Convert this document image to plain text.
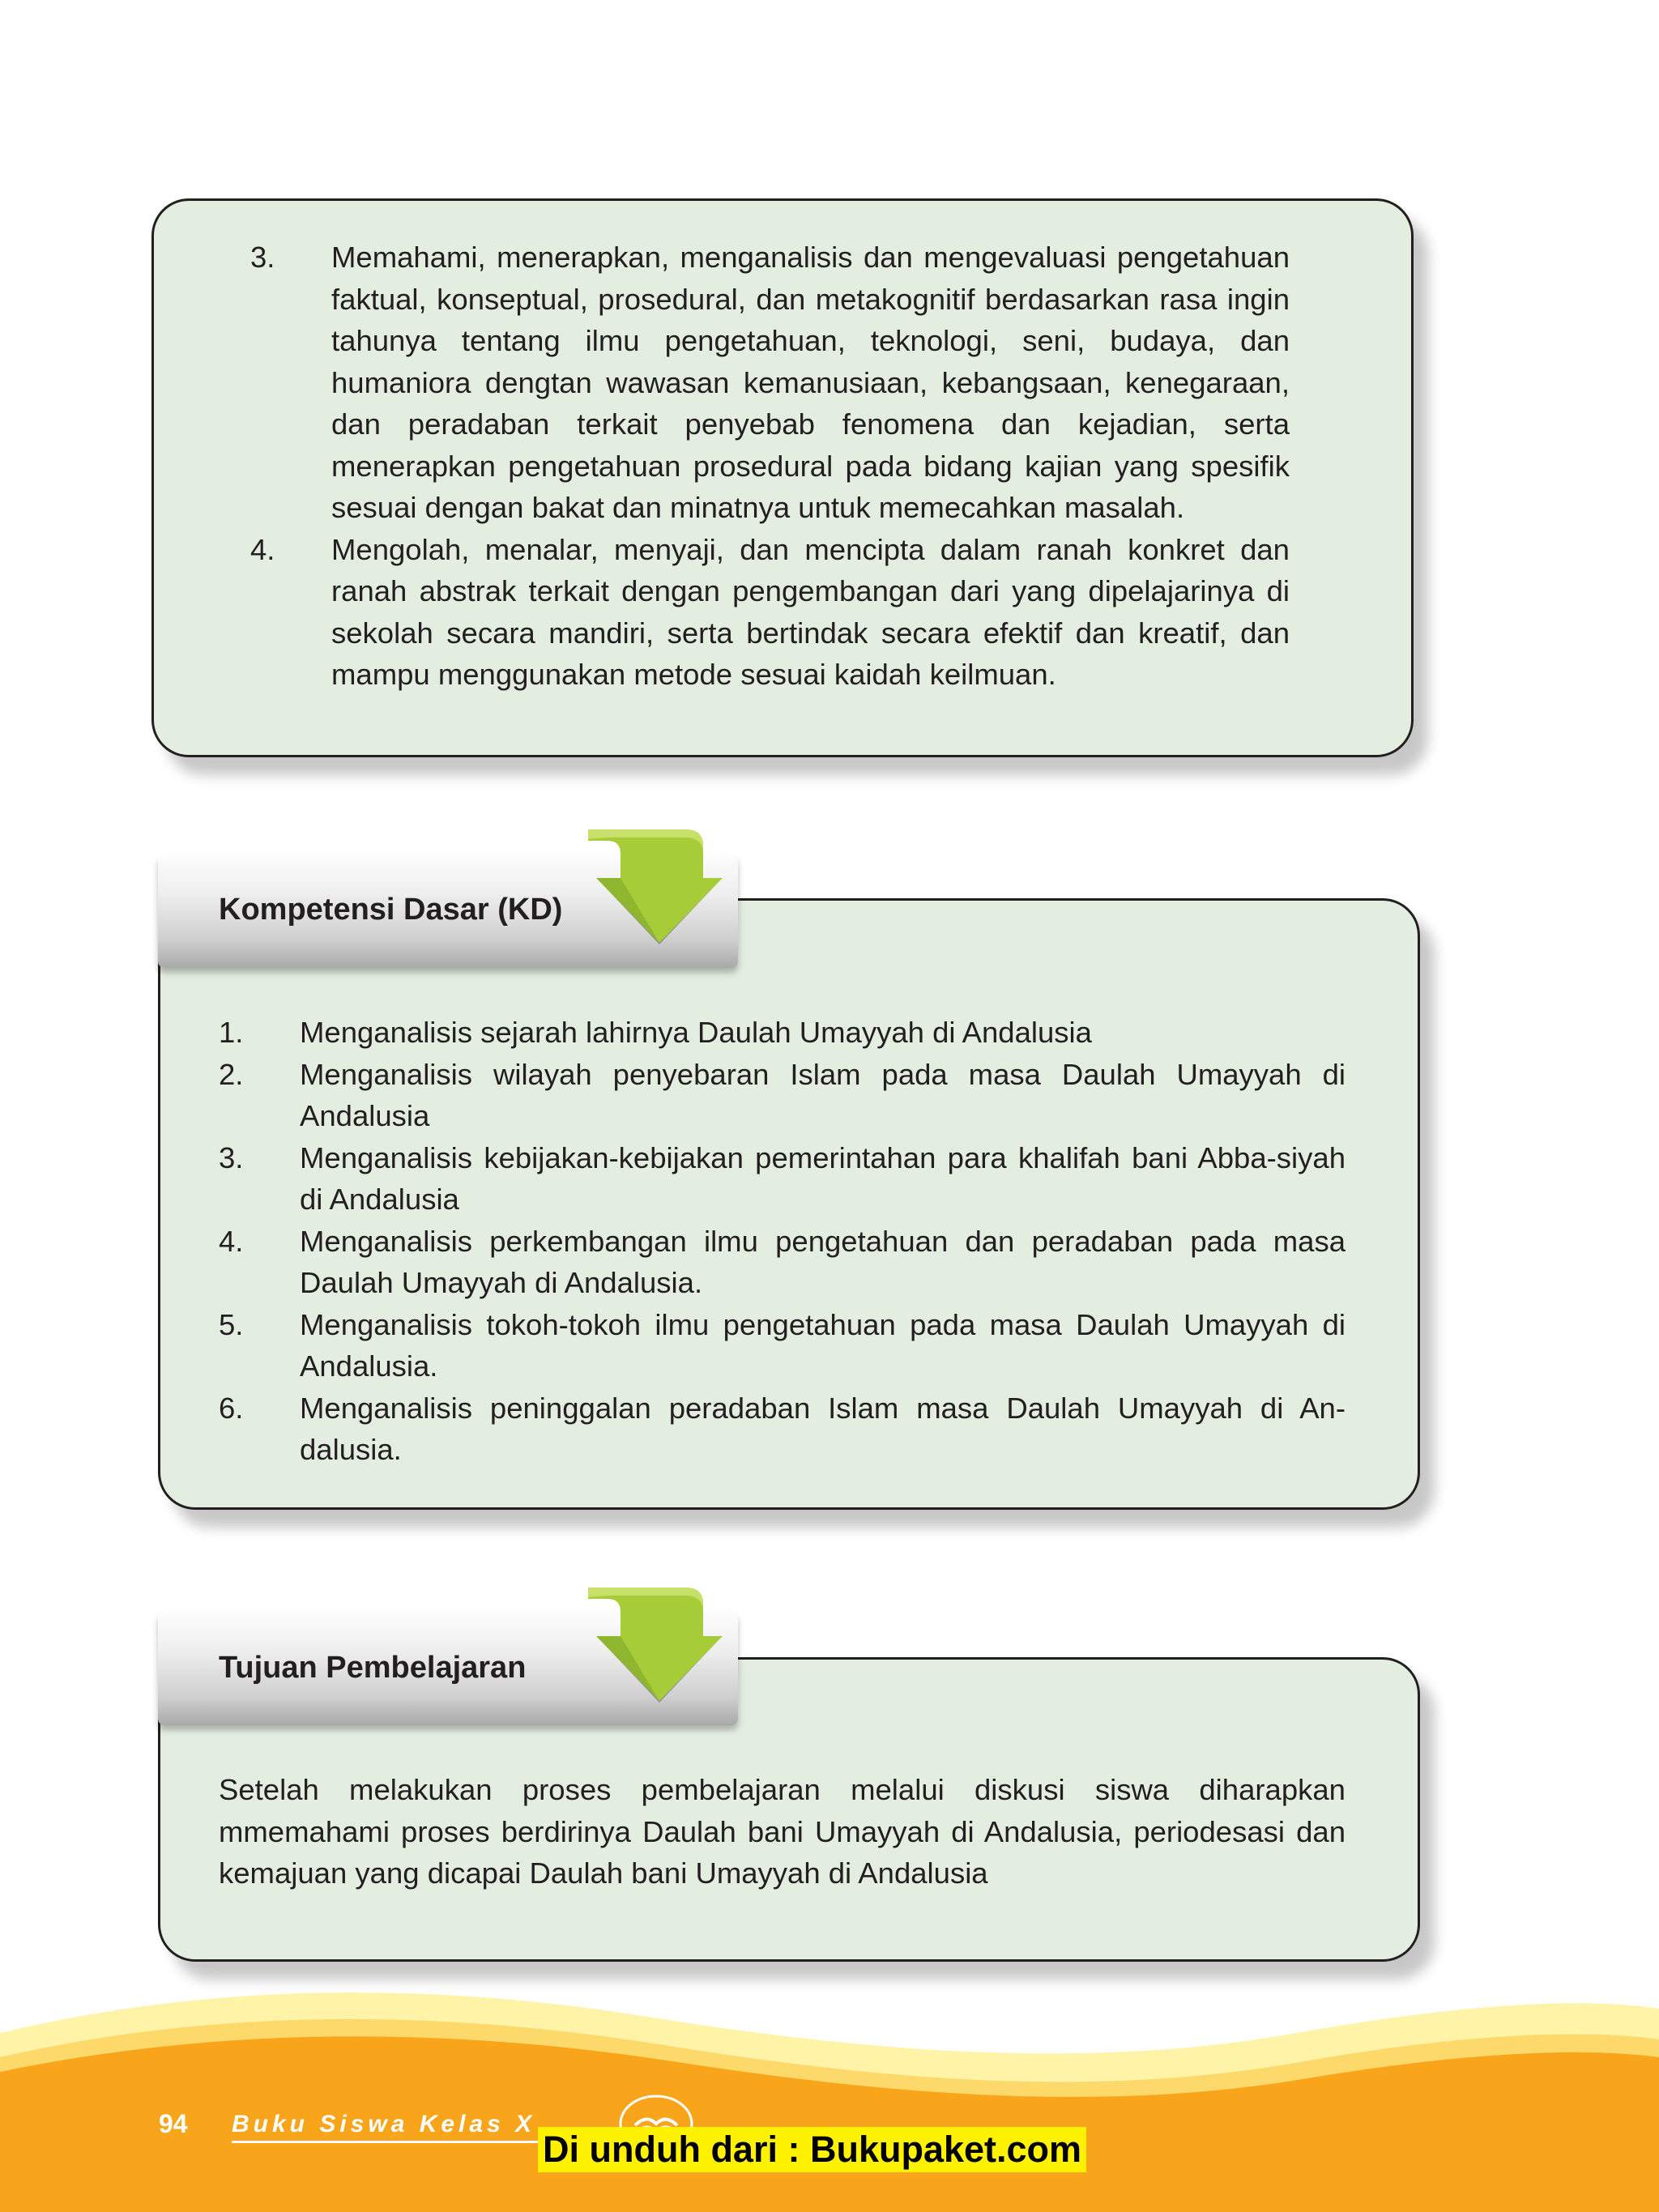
3. Memahami, menerapkan, menganalisis dan mengevaluasi pengetahuan faktual, konseptual, prosedural, dan metakognitif berdasarkan rasa ingin tahunya tentang ilmu pengetahuan, teknologi, seni, budaya, dan humaniora dengtan wawasan kemanusiaan, kebangsaan, kenegaraan, dan peradaban terkait penyebab fenomena dan kejadian, serta menerapkan pengetahuan prosedural pada bidang kajian yang spesifik sesuai dengan bakat dan minatnya untuk memecahkan masalah.
4. Mengolah, menalar, menyaji, dan mencipta dalam ranah konkret dan ranah abstrak terkait dengan pengembangan dari yang dipelajarinya di sekolah secara mandiri, serta bertindak secara efektif dan kreatif, dan mampu menggunakan metode sesuai kaidah keilmuan.
1. Menganalisis sejarah lahirnya Daulah Umayyah di Andalusia
2. Menganalisis wilayah penyebaran Islam pada masa Daulah Umayyah di Andalusia
3. Menganalisis kebijakan-kebijakan pemerintahan para khalifah bani Abba-siyah di Andalusia
4. Menganalisis perkembangan ilmu pengetahuan dan peradaban pada masa Daulah Umayyah di Andalusia.
5. Menganalisis tokoh-tokoh ilmu pengetahuan pada masa Daulah Umayyah di Andalusia.
6. Menganalisis peninggalan peradaban Islam masa Daulah Umayyah di An-dalusia.
Kompetensi Dasar (KD)

Setelah melakukan proses pembelajaran melalui diskusi siswa diharapkan mmemahami proses berdirinya Daulah bani Umayyah di Andalusia, periodesasi dan kemajuan yang dicapai Daulah bani Umayyah di Andalusia

Tujuan Pembelajaran
94 Buku Siswa Kelas X
Di unduh dari : Bukupaket.com
